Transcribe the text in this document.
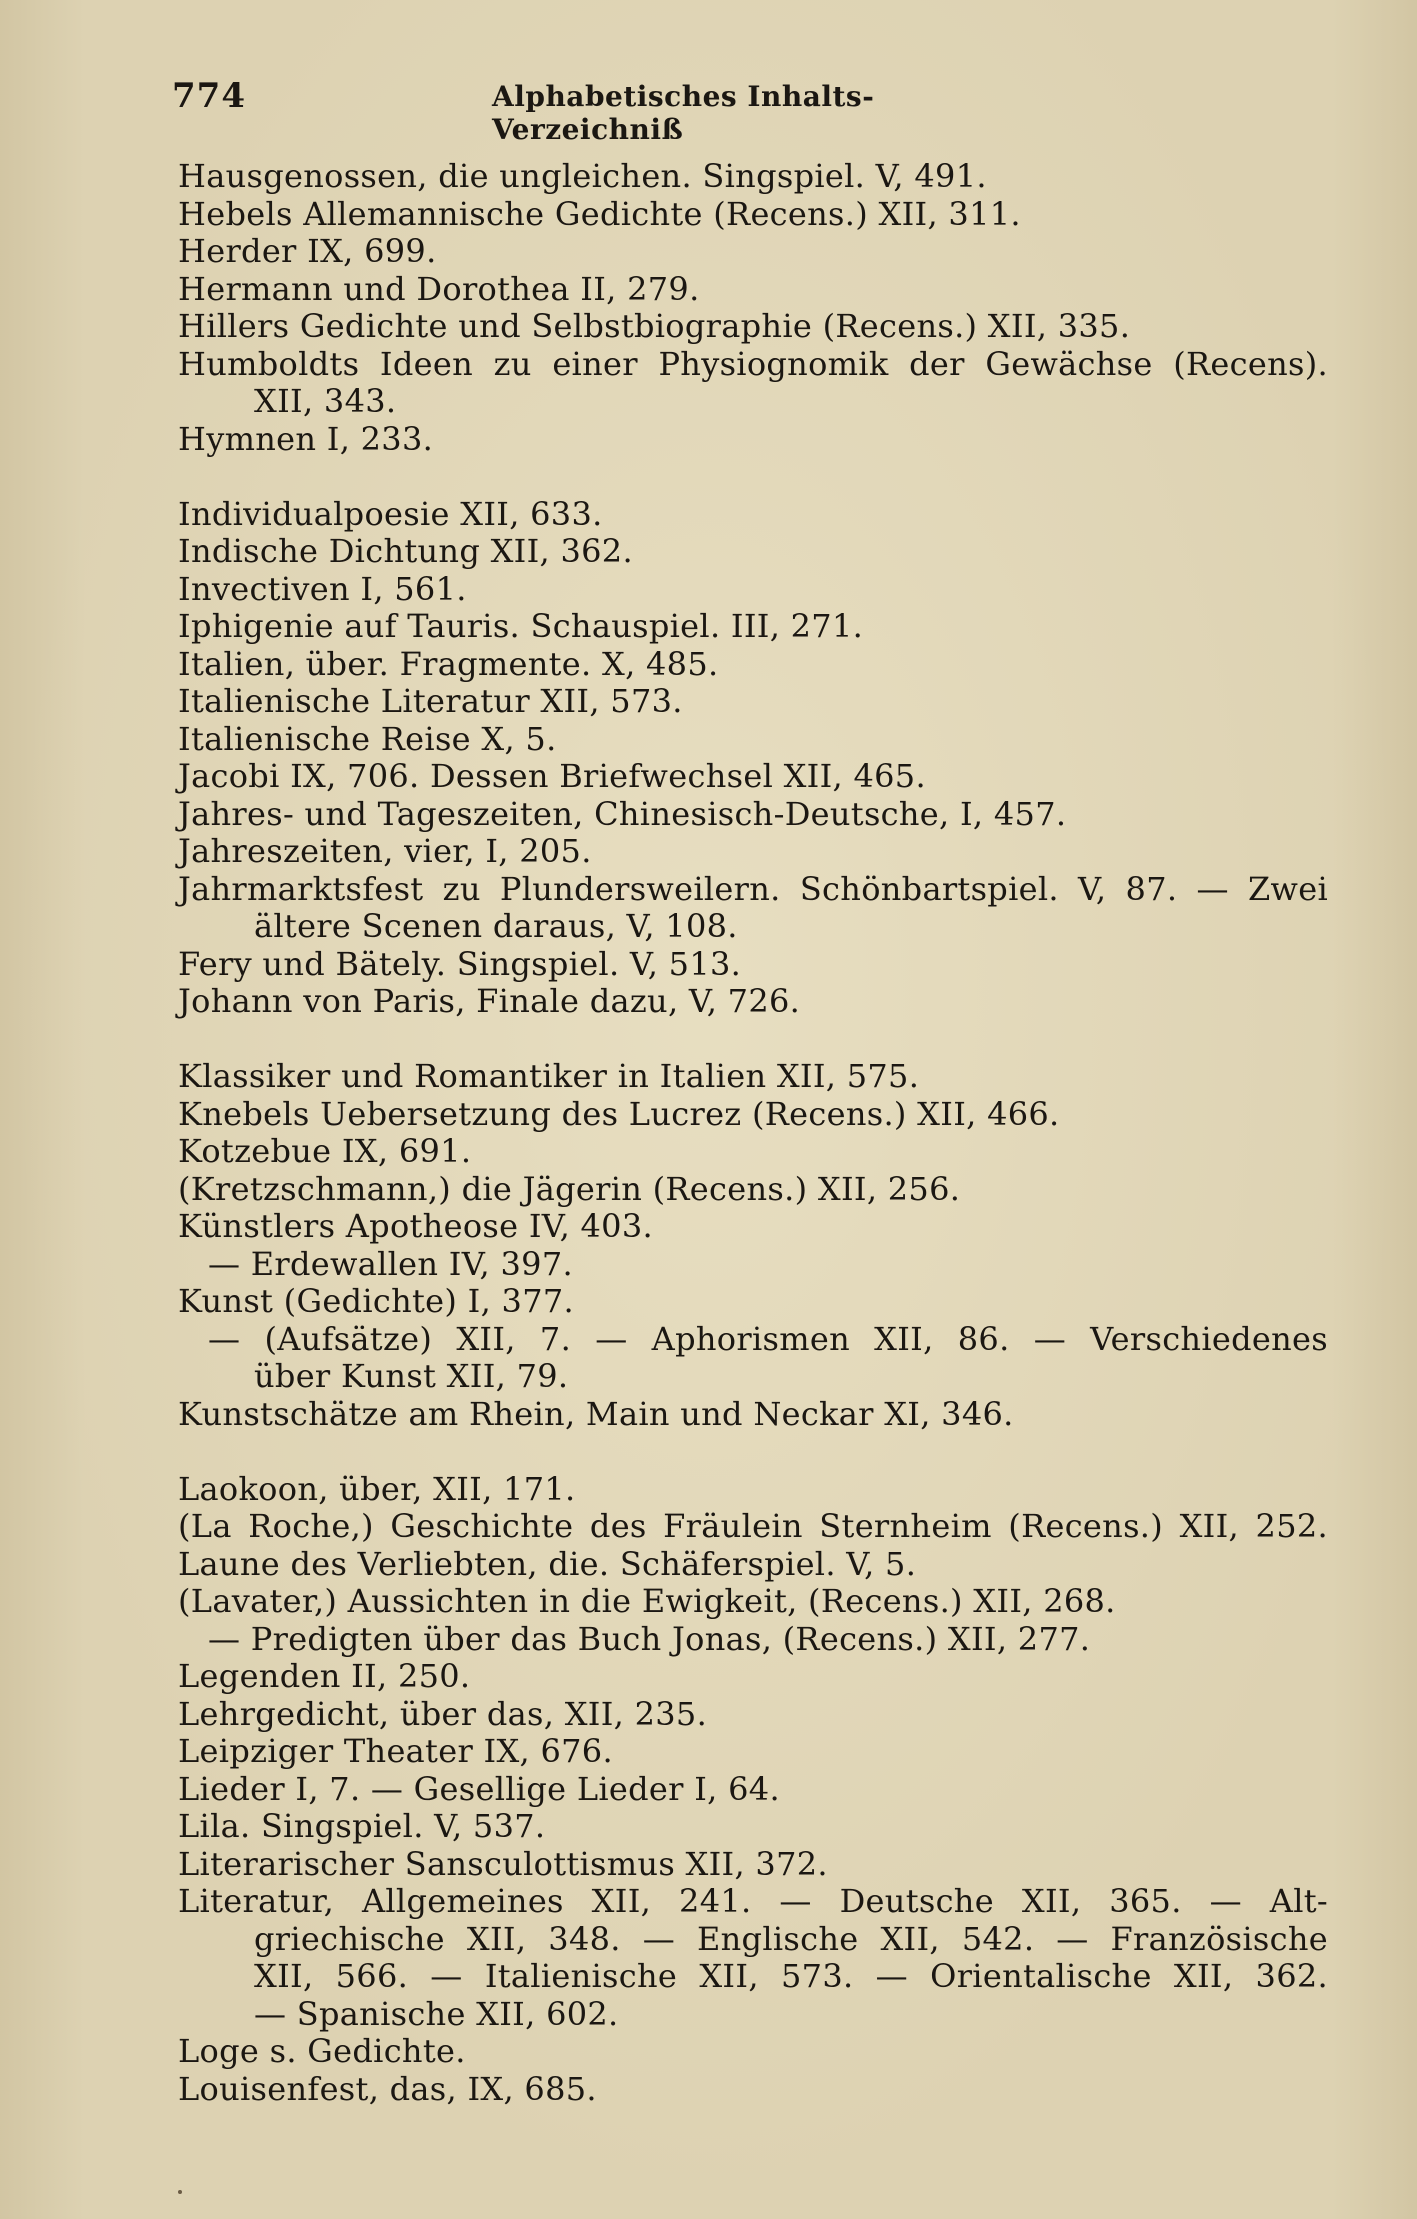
774	Alphabetisches Inhalts-Verzeichniß
Hausgenossen, die ungleichen. Singspiel. V, 491.
Hebels Allemannische Gedichte (Recens.) XII, 311.
Herder IX, 699.
Hermann und Dorothea II, 279.
Hillers Gedichte und Selbstbiographie (Recens.) XII, 335.
Humboldts Ideen zu einer Physiognomik der Gewächse (Recens).
XII, 343.
Hymnen I, 233.
Individualpoesie XII, 633.
Indische Dichtung XII, 362.
Invectiven I, 561.
Iphigenie auf Tauris. Schauspiel. III, 271.
Italien, über. Fragmente. X, 485.
Italienische Literatur XII, 573.
Italienische Reise X, 5.
Jacobi IX, 706. Dessen Briefwechsel XII, 465.
Jahres- und Tageszeiten, Chinesisch-Deutsche, I, 457.
Jahreszeiten, vier, I, 205.
Jahrmarktsfest zu Plundersweilern. Schönbartspiel. V, 87. — Zwei
ältere Scenen daraus, V, 108.
Fery und Bätely. Singspiel. V, 513.
Johann von Paris, Finale dazu, V, 726.
Klassiker und Romantiker in Italien XII, 575.
Knebels Uebersetzung des Lucrez (Recens.) XII, 466.
Kotzebue IX, 691.
(Kretzschmann,) die Jägerin (Recens.) XII, 256.
Künstlers Apotheose IV, 403.
— Erdewallen IV, 397.
Kunst (Gedichte) I, 377.
— (Aufsätze) XII, 7. — Aphorismen XII, 86. — Verschiedenes
über Kunst XII, 79.
Kunstschätze am Rhein, Main und Neckar XI, 346.
Laokoon, über, XII, 171.
(La Roche,) Geschichte des Fräulein Sternheim (Recens.) XII, 252.
Laune des Verliebten, die. Schäferspiel. V, 5.
(Lavater,) Aussichten in die Ewigkeit, (Recens.) XII, 268.
— Predigten über das Buch Jonas, (Recens.) XII, 277.
Legenden II, 250.
Lehrgedicht, über das, XII, 235.
Leipziger Theater IX, 676.
Lieder I, 7. — Gesellige Lieder I, 64.
Lila. Singspiel. V, 537.
Literarischer Sansculottismus XII, 372.
Literatur, Allgemeines XII, 241. — Deutsche XII, 365. — Alt-
griechische XII, 348. — Englische XII, 542. — Französische
XII, 566. — Italienische XII, 573. — Orientalische XII, 362.
— Spanische XII, 602.
Loge s. Gedichte.
Louisenfest, das, IX, 685.
